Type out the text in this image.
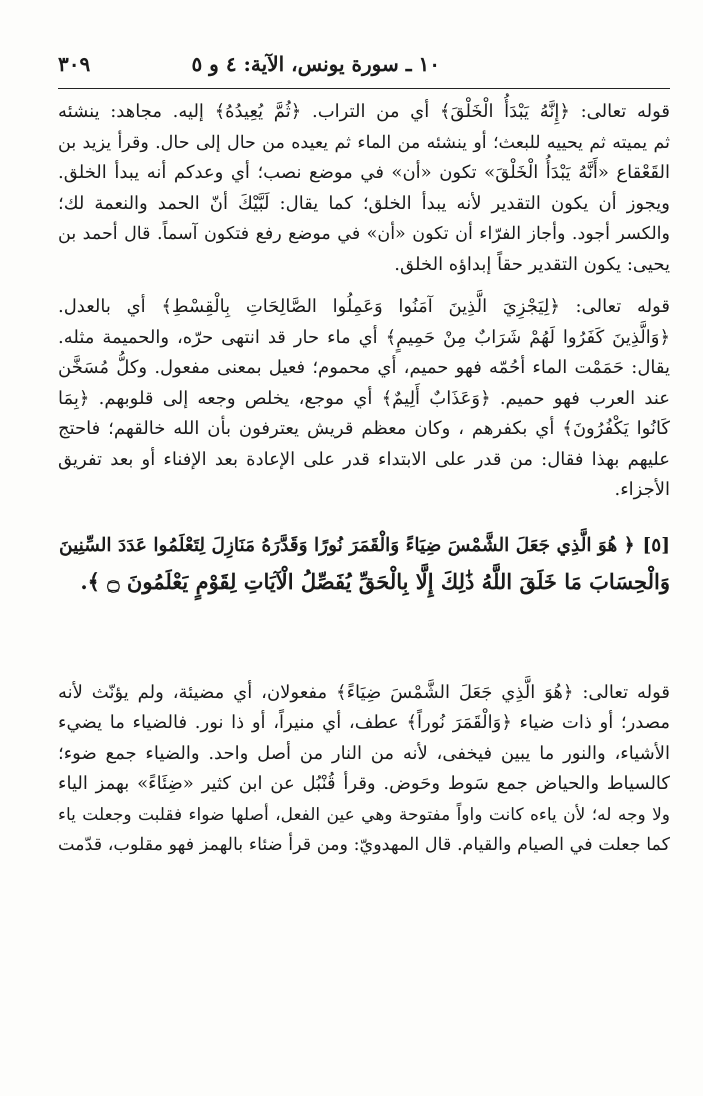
١٠ ـ سورة يونس، الآية: ٤ و ٥
٣٠٩
قوله تعالى: ﴿إِنَّهُ يَبْدَأُ الْخَلْقَ﴾ أي من التراب. ﴿ثُمَّ يُعِيدُهُ﴾ إليه. مجاهد: ينشئه
ثم يميته ثم يحييه للبعث؛ أو ينشئه من الماء ثم يعيده من حال إلى حال. وقرأ يزيد بن
القَعْقاع «أَنَّهُ يَبْدَأُ الْخَلْقَ» تكون «أن» في موضع نصب؛ أي وعدكم أنه يبدأ الخلق.
ويجوز أن يكون التقدير لأنه يبدأ الخلق؛ كما يقال: لَبَّيْكَ أنّ الحمد والنعمة لك؛
والكسر أجود. وأجاز الفرّاء أن تكون «أن» في موضع رفع فتكون آسماً. قال أحمد بن
يحيى: يكون التقدير حقاً إبداؤه الخلق.
قوله تعالى: ﴿لِيَجْزِيَ الَّذِينَ آمَنُوا وَعَمِلُوا الصَّالِحَاتِ بِالْقِسْطِ﴾ أي بالعدل.
﴿وَالَّذِينَ كَفَرُوا لَهُمْ شَرَابٌ مِنْ حَمِيمٍ﴾ أي ماء حار قد انتهى حرّه، والحميمة مثله.
يقال: حَمَمْت الماء أحُمّه فهو حميم، أي محموم؛ فعيل بمعنى مفعول. وكلُّ مُسَخَّن
عند العرب فهو حميم. ﴿وَعَذَابٌ أَلِيمٌ﴾ أي موجع، يخلص وجعه إلى قلوبهم. ﴿بِمَا
كَانُوا يَكْفُرُونَ﴾ أي بكفرهم ، وكان معظم قريش يعترفون بأن الله خالقهم؛ فاحتج
عليهم بهذا فقال: من قدر على الابتداء قدر على الإعادة بعد الإفناء أو بعد تفريق
الأجزاء.
[٥]﴿ هُوَ الَّذِي جَعَلَ الشَّمْسَ ضِيَاءً وَالْقَمَرَ نُورًا وَقَدَّرَهُ مَنَازِلَ لِتَعْلَمُوا عَدَدَ السِّنِينَ
وَالْحِسَابَ مَا خَلَقَ اللَّهُ ذَٰلِكَ إِلَّا بِالْحَقِّ يُفَصِّلُ الْآيَاتِ لِقَوْمٍ يَعْلَمُونَ ۝ ﴾.
قوله تعالى: ﴿هُوَ الَّذِي جَعَلَ الشَّمْسَ ضِيَاءً﴾ مفعولان، أي مضيئة، ولم يؤنّث لأنه
مصدر؛ أو ذات ضياء ﴿وَالْقَمَرَ نُوراً﴾ عطف، أي منيراً، أو ذا نور. فالضياء ما يضيء
الأشياء، والنور ما يبين فيخفى، لأنه من النار من أصل واحد. والضياء جمع ضوء؛
كالسياط والحياض جمع سَوط وحَوض. وقرأ قُنْبُل عن ابن كثير «ضِئَاءً» بهمز الياء
ولا وجه له؛ لأن ياءه كانت واواً مفتوحة وهي عين الفعل، أصلها ضواء فقلبت وجعلت ياء
كما جعلت في الصيام والقيام. قال المهدويّ: ومن قرأ ضئاء بالهمز فهو مقلوب، قدّمت
